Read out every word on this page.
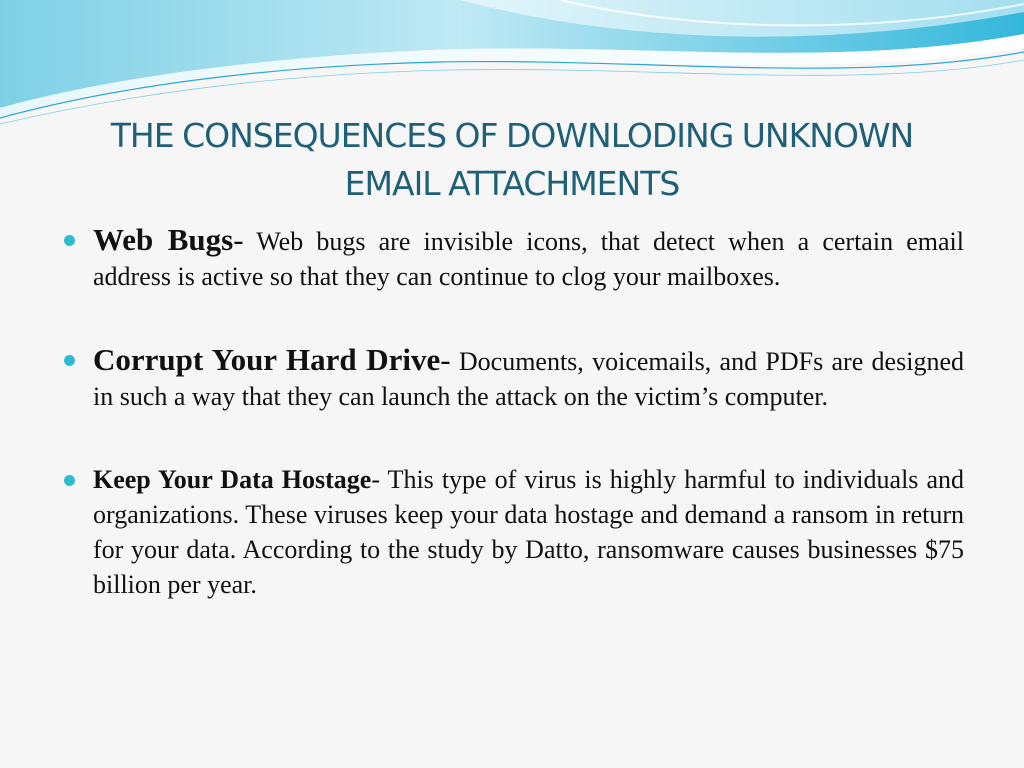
THE CONSEQUENCES OF DOWNLODING UNKNOWN EMAIL ATTACHMENTS
Web Bugs- Web bugs are invisible icons, that detect when a certain email address is active so that they can continue to clog your mailboxes.
Corrupt Your Hard Drive- Documents, voicemails, and PDFs are designed in such a way that they can launch the attack on the victim’s computer.
Keep Your Data Hostage- This type of virus is highly harmful to individuals and organizations. These viruses keep your data hostage and demand a ransom in return for your data. According to the study by Datto, ransomware causes businesses $75 billion per year.
